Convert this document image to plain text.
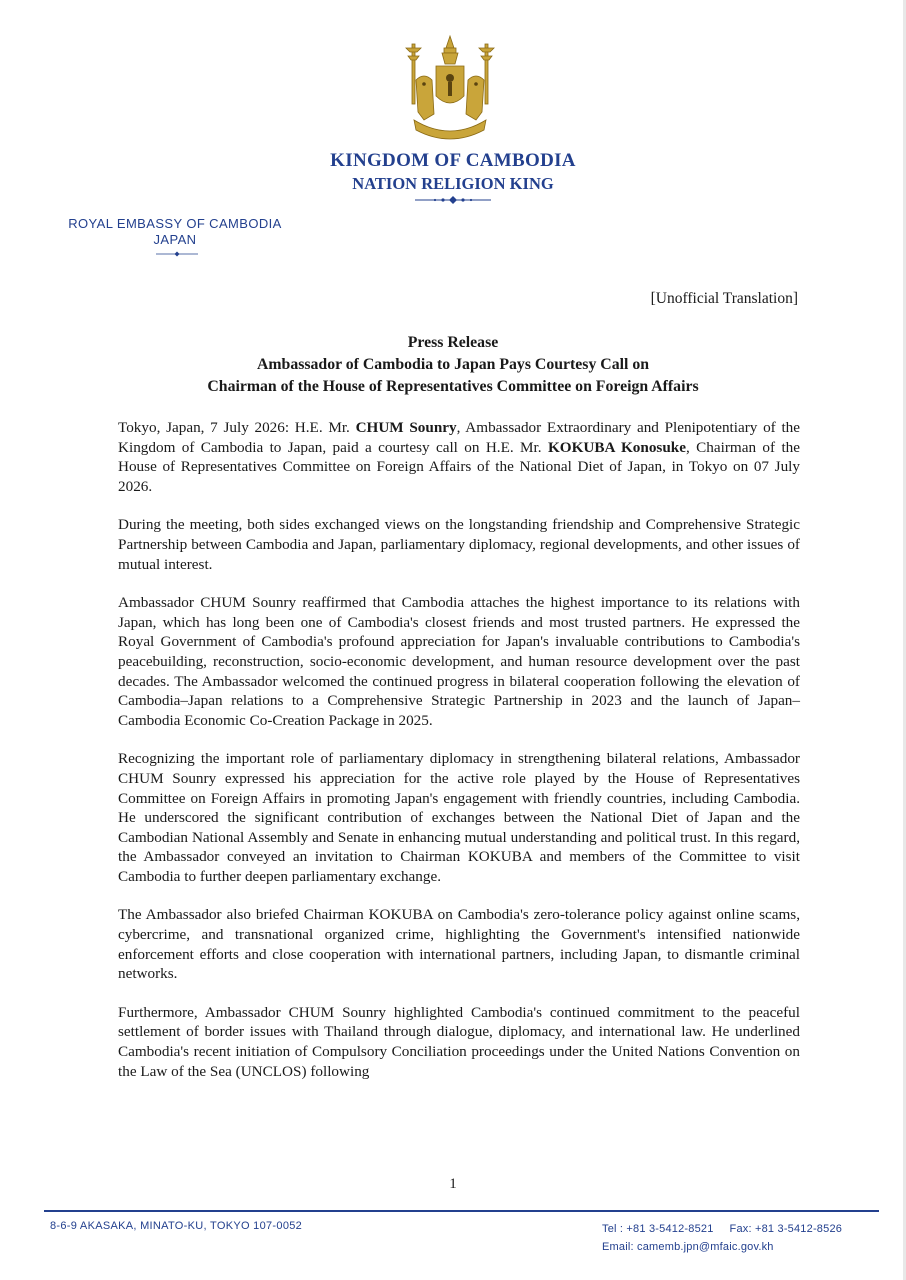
KINGDOM OF CAMBODIA
NATION RELIGION KING
ROYAL EMBASSY OF CAMBODIA
JAPAN
[Unofficial Translation]
Press Release
Ambassador of Cambodia to Japan Pays Courtesy Call on
Chairman of the House of Representatives Committee on Foreign Affairs

Tokyo, Japan, 7 July 2026: H.E. Mr. CHUM Sounry, Ambassador Extraordinary and Plenipotentiary of the Kingdom of Cambodia to Japan, paid a courtesy call on H.E. Mr. KOKUBA Konosuke, Chairman of the House of Representatives Committee on Foreign Affairs of the National Diet of Japan, in Tokyo on 07 July 2026.

During the meeting, both sides exchanged views on the longstanding friendship and Comprehensive Strategic Partnership between Cambodia and Japan, parliamentary diplomacy, regional developments, and other issues of mutual interest.

Ambassador CHUM Sounry reaffirmed that Cambodia attaches the highest importance to its relations with Japan, which has long been one of Cambodia's closest friends and most trusted partners. He expressed the Royal Government of Cambodia's profound appreciation for Japan's invaluable contributions to Cambodia's peacebuilding, reconstruction, socio-economic development, and human resource development over the past decades. The Ambassador welcomed the continued progress in bilateral cooperation following the elevation of Cambodia–Japan relations to a Comprehensive Strategic Partnership in 2023 and the launch of Japan–Cambodia Economic Co-Creation Package in 2025.

Recognizing the important role of parliamentary diplomacy in strengthening bilateral relations, Ambassador CHUM Sounry expressed his appreciation for the active role played by the House of Representatives Committee on Foreign Affairs in promoting Japan's engagement with friendly countries, including Cambodia. He underscored the significant contribution of exchanges between the National Diet of Japan and the Cambodian National Assembly and Senate in enhancing mutual understanding and political trust. In this regard, the Ambassador conveyed an invitation to Chairman KOKUBA and members of the Committee to visit Cambodia to further deepen parliamentary exchange.

The Ambassador also briefed Chairman KOKUBA on Cambodia's zero-tolerance policy against online scams, cybercrime, and transnational organized crime, highlighting the Government's intensified nationwide enforcement efforts and close cooperation with international partners, including Japan, to dismantle criminal networks.

Furthermore, Ambassador CHUM Sounry highlighted Cambodia's continued commitment to the peaceful settlement of border issues with Thailand through dialogue, diplomacy, and international law. He underlined Cambodia's recent initiation of Compulsory Conciliation proceedings under the United Nations Convention on the Law of the Sea (UNCLOS) following

1
8-6-9 AKASAKA, MINATO-KU, TOKYO 107-0052	Tel : +81 3-5412-8521 Fax: +81 3-5412-8526
Email: camemb.jpn@mfaic.gov.kh
